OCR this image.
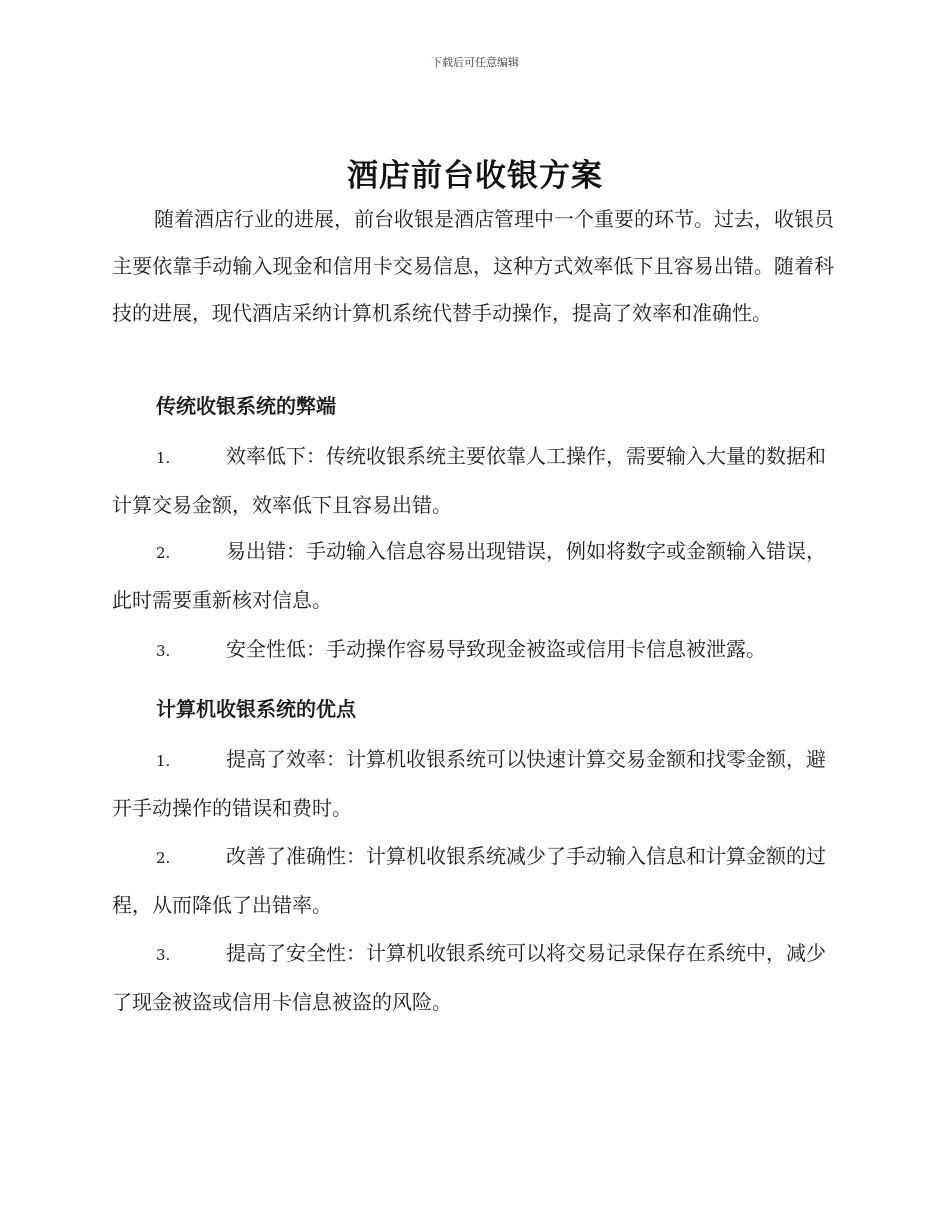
下载后可任意编辑
酒店前台收银方案

随着酒店行业的进展，前台收银是酒店管理中一个重要的环节。过去，收银员主要依靠手动输入现金和信用卡交易信息，这种方式效率低下且容易出错。随着科技的进展，现代酒店采纳计算机系统代替手动操作，提高了效率和准确性。

传统收银系统的弊端

1.	效率低下：传统收银系统主要依靠人工操作，需要输入大量的数据和计算交易金额，效率低下且容易出错。

2.	易出错：手动输入信息容易出现错误，例如将数字或金额输入错误，此时需要重新核对信息。

3.	安全性低：手动操作容易导致现金被盗或信用卡信息被泄露。

计算机收银系统的优点

1.	提高了效率：计算机收银系统可以快速计算交易金额和找零金额，避开手动操作的错误和费时。

2.	改善了准确性：计算机收银系统减少了手动输入信息和计算金额的过程，从而降低了出错率。

3.	提高了安全性：计算机收银系统可以将交易记录保存在系统中，减少了现金被盗或信用卡信息被盗的风险。
